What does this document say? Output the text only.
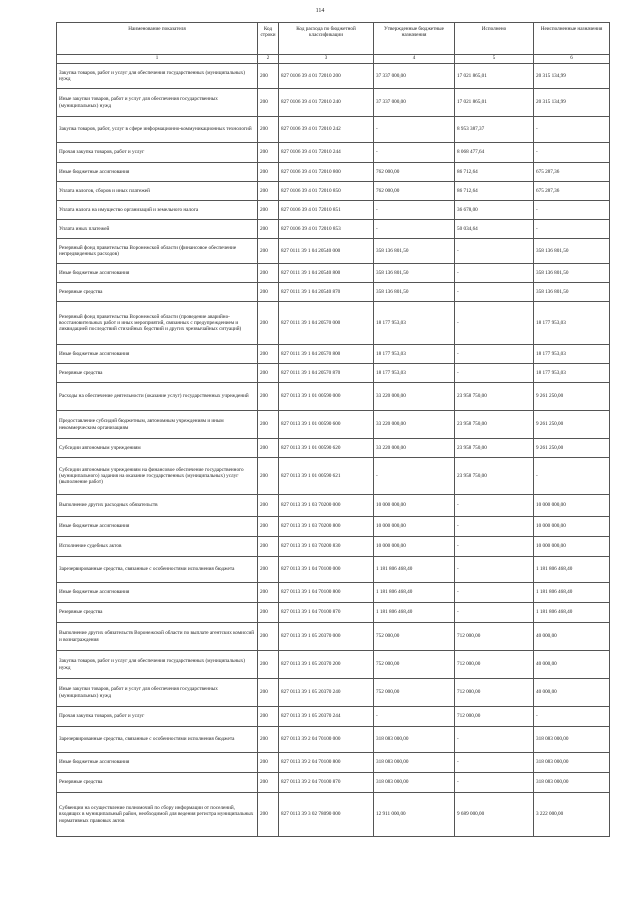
114
Наименование показателя	Код строки	Код расхода по бюджетной классификации	Утвержденные бюджетные назначения	Исполнено	Неисполненные назначения
1	2	3	4	5	6
Закупка товаров, работ и услуг для обеспечения государственных (муниципальных) нужд	200	827 0106 39 4 01 72010 200	37 337 000,00	17 021 865,01	20 315 134,99
Иные закупки товаров, работ и услуг для обеспечения государственных (муниципальных) нужд	200	827 0106 39 4 01 72010 240	37 337 000,00	17 021 865,01	20 315 134,99
Закупка товаров, работ, услуг в сфере информационно-коммуникационных технологий	200	827 0106 39 4 01 72010 242	-	8 953 387,37	-
Прочая закупка товаров, работ и услуг	200	827 0106 39 4 01 72010 244	-	8 068 477,64	-
Иные бюджетные ассигнования	200	827 0106 39 4 01 72010 800	762 000,00	86 712,64	675 287,36
Уплата налогов, сборов и иных платежей	200	827 0106 39 4 01 72010 850	762 000,00	86 712,64	675 287,36
Уплата налога на имущество организаций и земельного налога	200	827 0106 39 4 01 72010 851	-	36 678,00	-
Уплата иных платежей	200	827 0106 39 4 01 72010 853	-	50 034,64	-
Резервный фонд правительства Воронежской области (финансовое обеспечение непредвиденных расходов)	200	827 0111 39 1 04 20540 000	358 136 801,50	-	358 136 801,50
Иные бюджетные ассигнования	200	827 0111 39 1 04 20540 800	358 136 801,50	-	358 136 801,50
Резервные средства	200	827 0111 39 1 04 20540 870	358 136 801,50	-	358 136 801,50
Резервный фонд правительства Воронежской области (проведение аварийно-восстановительных работ и иных мероприятий, связанных с предупреждением и ликвидацией последствий стихийных бедствий и других чрезвычайных ситуаций)	200	827 0111 39 1 04 20570 000	18 177 953,03	-	18 177 953,03
Иные бюджетные ассигнования	200	827 0111 39 1 04 20570 800	18 177 953,03	-	18 177 953,03
Резервные средства	200	827 0111 39 1 04 20570 870	18 177 953,03	-	18 177 953,03
Расходы на обеспечение деятельности (оказание услуг) государственных учреждений	200	827 0113 39 1 01 00590 000	33 220 000,00	23 958 750,00	9 261 250,00
Предоставление субсидий бюджетным, автономным учреждениям и иным некоммерческим организациям	200	827 0113 39 1 01 00590 600	33 220 000,00	23 958 750,00	9 261 250,00
Субсидии автономным учреждениям	200	827 0113 39 1 01 00590 620	33 220 000,00	23 958 750,00	9 261 250,00
Субсидии автономным учреждениям на финансовое обеспечение государственного (муниципального) задания на оказание государственных (муниципальных) услуг (выполнение работ)	200	827 0113 39 1 01 00590 621	-	23 958 750,00	-
Выполнение других расходных обязательств	200	827 0113 39 1 03 70200 000	10 000 000,00	-	10 000 000,00
Иные бюджетные ассигнования	200	827 0113 39 1 03 70200 800	10 000 000,00	-	10 000 000,00
Исполнение судебных актов	200	827 0113 39 1 03 70200 830	10 000 000,00	-	10 000 000,00
Зарезервированные средства, связанные с особенностями исполнения бюджета	200	827 0113 39 1 04 70100 000	1 181 806 468,40	-	1 181 806 468,40
Иные бюджетные ассигнования	200	827 0113 39 1 04 70100 800	1 181 806 468,40	-	1 181 806 468,40
Резервные средства	200	827 0113 39 1 04 70100 870	1 181 806 468,40	-	1 181 806 468,40
Выполнение других обязательств Воронежской области по выплате агентских комиссий и вознаграждения	200	827 0113 39 1 05 20370 000	752 000,00	712 000,00	40 000,00
Закупка товаров, работ и услуг для обеспечения государственных (муниципальных) нужд	200	827 0113 39 1 05 20370 200	752 000,00	712 000,00	40 000,00
Иные закупки товаров, работ и услуг для обеспечения государственных (муниципальных) нужд	200	827 0113 39 1 05 20370 240	752 000,00	712 000,00	40 000,00
Прочая закупка товаров, работ и услуг	200	827 0113 39 1 05 20370 244	-	712 000,00	-
Зарезервированные средства, связанные с особенностями исполнения бюджета	200	827 0113 39 2 04 70100 000	318 083 000,00	-	318 083 000,00
Иные бюджетные ассигнования	200	827 0113 39 2 04 70100 800	318 083 000,00	-	318 083 000,00
Резервные средства	200	827 0113 39 2 04 70100 870	318 083 000,00	-	318 083 000,00
Субвенции на осуществление полномочий по сбору информации от поселений, входящих в муниципальный район, необходимой для ведения регистра муниципальных нормативных правовых актов	200	827 0113 39 3 02 78090 000	12 911 000,00	9 689 000,00	3 222 000,00
